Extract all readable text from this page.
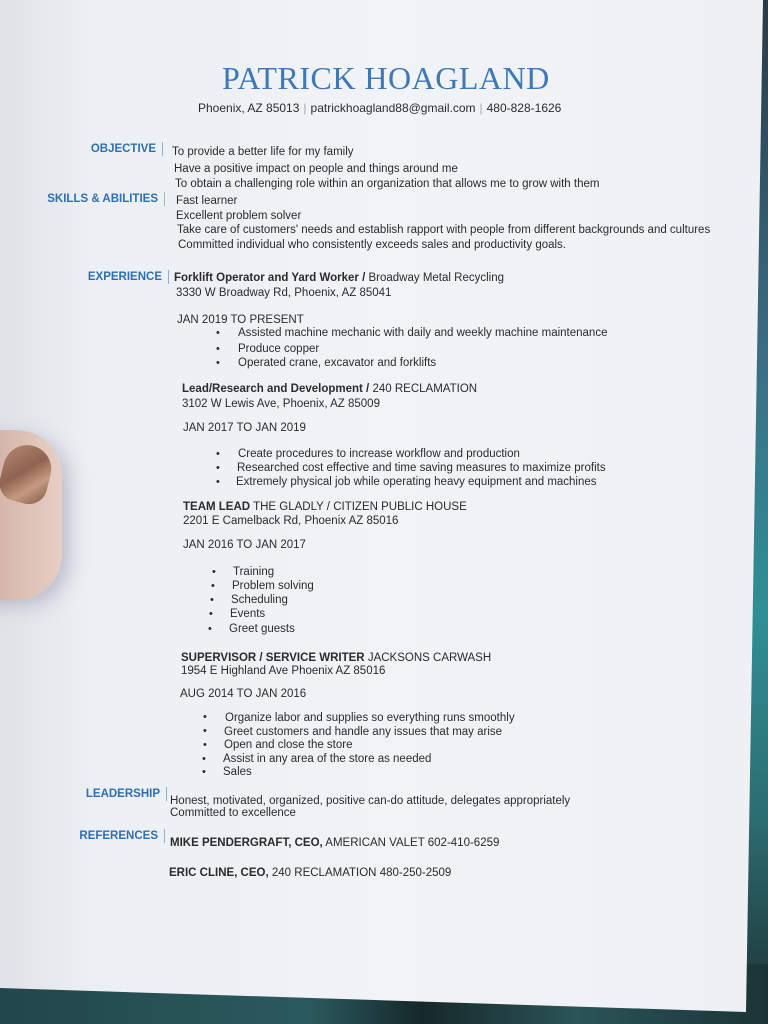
PATRICK HOAGLAND
Phoenix, AZ 85013 | patrickhoagland88@gmail.com | 480-828-1626
OBJECTIVE	To provide a better life for my family
Have a positive impact on people and things around me
To obtain a challenging role within an organization that allows me to grow with them
SKILLS & ABILITIES	Fast learner
Excellent problem solver
Take care of customers' needs and establish rapport with people from different backgrounds and cultures
Committed individual who consistently exceeds sales and productivity goals.
EXPERIENCE	Forklift Operator and Yard Worker / Broadway Metal Recycling
3330 W Broadway Rd, Phoenix, AZ 85041
JAN 2019 TO PRESENT
• Assisted machine mechanic with daily and weekly machine maintenance
• Produce copper
• Operated crane, excavator and forklifts
Lead/Research and Development / 240 RECLAMATION
3102 W Lewis Ave, Phoenix, AZ 85009
JAN 2017 TO JAN 2019
• Create procedures to increase workflow and production
• Researched cost effective and time saving measures to maximize profits
• Extremely physical job while operating heavy equipment and machines
TEAM LEAD THE GLADLY / CITIZEN PUBLIC HOUSE
2201 E Camelback Rd, Phoenix AZ 85016
JAN 2016 TO JAN 2017
• Training
• Problem solving
• Scheduling
• Events
• Greet guests
SUPERVISOR / SERVICE WRITER JACKSONS CARWASH
1954 E Highland Ave Phoenix AZ 85016
AUG 2014 TO JAN 2016
• Organize labor and supplies so everything runs smoothly
• Greet customers and handle any issues that may arise
• Open and close the store
• Assist in any area of the store as needed
• Sales
LEADERSHIP
Honest, motivated, organized, positive can-do attitude, delegates appropriately
Committed to excellence
REFERENCES
MIKE PENDERGRAFT, CEO, AMERICAN VALET 602-410-6259
ERIC CLINE, CEO, 240 RECLAMATION 480-250-2509
